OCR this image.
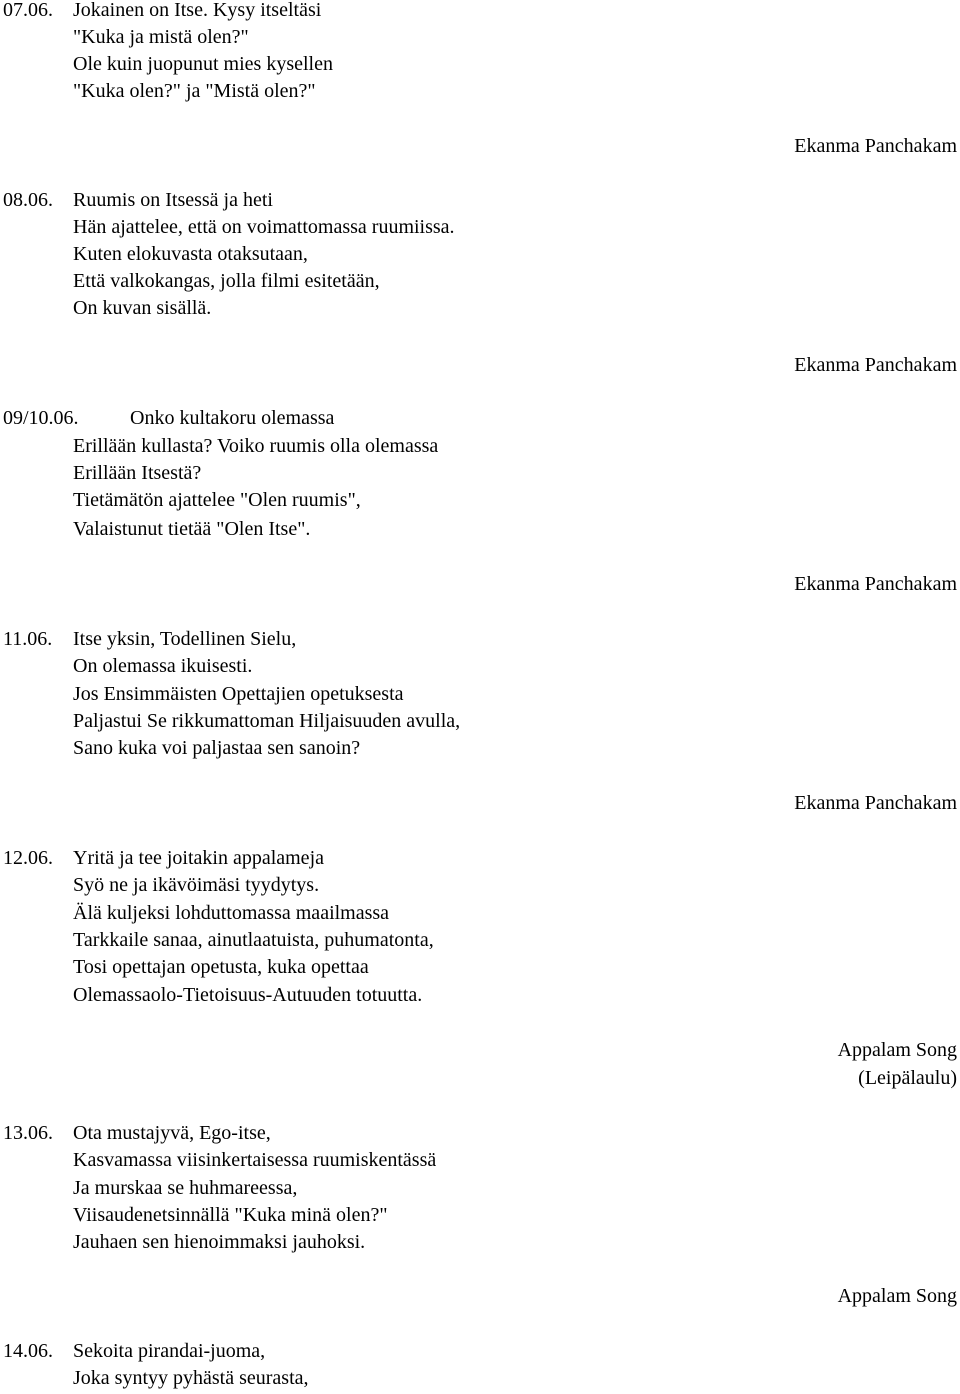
07.06. Jokainen on Itse. Kysy itseltäsi
"Kuka ja mistä olen?"
Ole kuin juopunut mies kysellen
"Kuka olen?" ja "Mistä olen?"
Ekanma Panchakam
08.06. Ruumis on Itsessä ja heti
Hän ajattelee, että on voimattomassa ruumiissa.
Kuten elokuvasta otaksutaan,
Että valkokangas, jolla filmi esitetään,
On kuvan sisällä.
Ekanma Panchakam
09/10.06.	Onko kultakoru olemassa
Erillään kullasta? Voiko ruumis olla olemassa
Erillään Itsestä?
Tietämätön ajattelee "Olen ruumis",
Valaistunut tietää "Olen Itse".
Ekanma Panchakam
11.06. Itse yksin, Todellinen Sielu,
On olemassa ikuisesti.
Jos Ensimmäisten Opettajien opetuksesta
Paljastui Se rikkumattoman Hiljaisuuden avulla,
Sano kuka voi paljastaa sen sanoin?
Ekanma Panchakam
12.06. Yritä ja tee joitakin appalameja
Syö ne ja ikävöimäsi tyydytys.
Älä kuljeksi lohduttomassa maailmassa
Tarkkaile sanaa, ainutlaatuista, puhumatonta,
Tosi opettajan opetusta, kuka opettaa
Olemassaolo-Tietoisuus-Autuuden totuutta.
Appalam Song
(Leipälaulu)
13.06. Ota mustajyvä, Ego-itse,
Kasvamassa viisinkertaisessa ruumiskentässä
Ja murskaa se huhmareessa,
Viisaudenetsinnällä "Kuka minä olen?"
Jauhaen sen hienoimmaksi jauhoksi.
Appalam Song
14.06. Sekoita pirandai-juoma,
Joka syntyy pyhästä seurasta,
